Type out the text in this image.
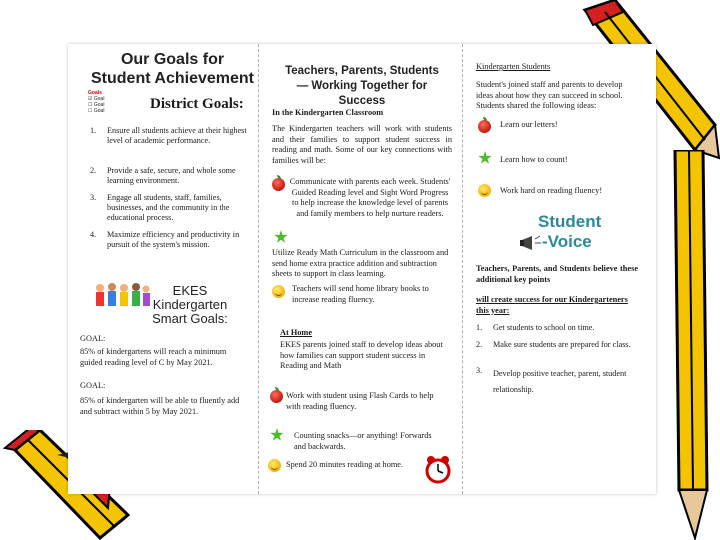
Our Goals for Student Achievement
Goals
☑ Goal
☐ Goal
☐ Goal	District Goals:
1. Ensure all students achieve at their highest level of academic performance.
2. Provide a safe, secure, and whole some learning environment.
3. Engage all students, staff, families, businesses, and the community in the educational process.
4. Maximize efficiency and productivity in pursuit of the system's mission.
EKES
Kindergarten
Smart Goals:
GOAL:
85% of kindergartens will reach a minimum guided reading level of C by May 2021.
GOAL:
85% of kindergarten will be able to fluently add and subtract within 5 by May 2021.
Teachers, Parents, Students— Working Together for Success
In the Kindergarten Classroom
The Kindergarten teachers will work with students and their families to support student success in reading and math. Some of our key connections with families will be:
Communicate with parents each week. Students' Guided Reading level and Sight Word Progress to help increase the knowledge level of parents and family members to help nurture readers.
Utilize Ready Math Curriculum in the classroom and send home extra practice addition and subtraction sheets to support in class learning.
Teachers will send home library books to increase reading fluency.
At Home
EKES parents joined staff to develop ideas about how families can support student success in Reading and Math
Work with student using Flash Cards to help with reading fluency.
Counting snacks—or anything! Forwards and backwards.
Spend 20 minutes reading at home.
Kindergarten Students
Student's joined staff and parents to develop ideas about how they can succeed in school. Students shared the following ideas:
Learn our letters!
Learn how to count!
Work hard on reading fluency!
Student
-Voice
Teachers, Parents, and Students believe these additional key points
will create success for our Kindergarteners this year:
1. Get students to school on time.
2. Make sure students are prepared for class.
3. Develop positive teacher, parent, student relationship.
